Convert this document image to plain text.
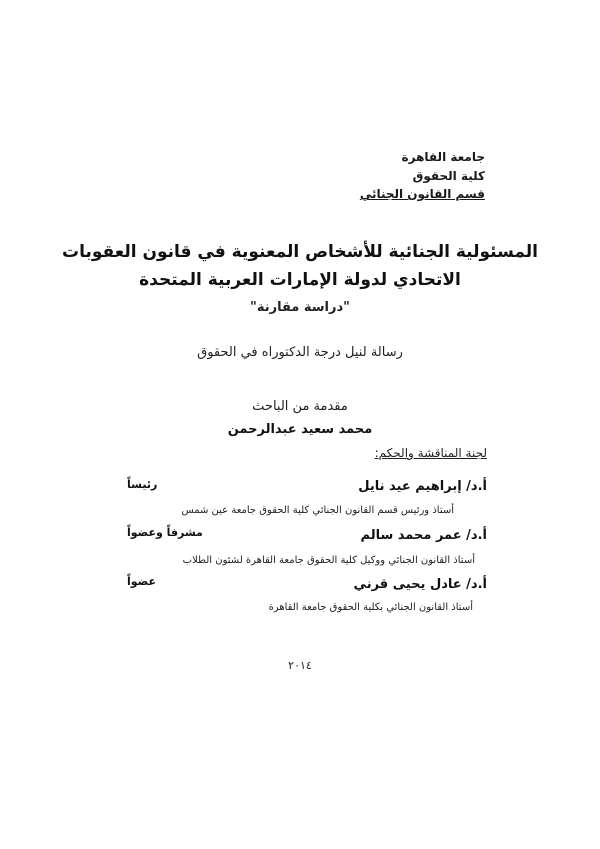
جامعة القاهرة
كلية الحقوق
قسم القانون الجنائي
المسئولية الجنائية للأشخاص المعنوية في قانون العقوبات
الاتحادي لدولة الإمارات العربية المتحدة
"دراسة مقارنة"
رسالة لنيل درجة الدكتوراه في الحقوق
مقدمة من الباحث
محمد سعيد عبدالرحمن
لجنة المناقشة والحكم:
أ.د/ إبراهيم عيد نايل
رئيساً
أستاذ ورئيس قسم القانون الجنائي كلية الحقوق جامعة عين شمس
أ.د/ عمر محمد سالم
مشرفاً وعضواً
أستاذ القانون الجنائي ووكيل كلية الحقوق جامعة القاهرة لشئون الطلاب
أ.د/ عادل يحيى قرني
عضواً
أستاذ القانون الجنائي بكلية الحقوق جامعة القاهرة
٢٠١٤
